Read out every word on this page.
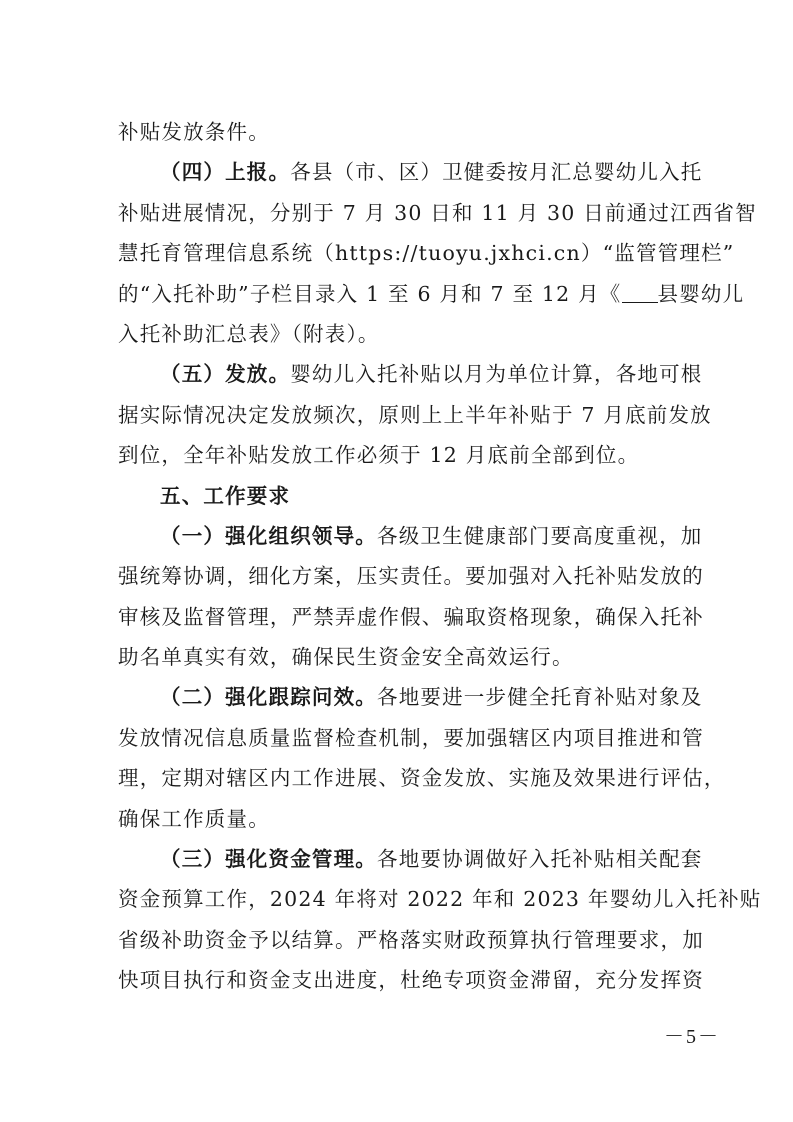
补贴发放条件。
（四）上报。各县（市、区）卫健委按月汇总婴幼儿入托
补贴进展情况，分别于 7 月 30 日和 11 月 30 日前通过江西省智
慧托育管理信息系统（https://tuoyu.jxhci.cn）“监管管理栏”
的“入托补助”子栏目录入 1 至 6 月和 7 至 12 月《 县婴幼儿
入托补助汇总表》（附表）。
（五）发放。婴幼儿入托补贴以月为单位计算，各地可根
据实际情况决定发放频次，原则上上半年补贴于 7 月底前发放
到位，全年补贴发放工作必须于 12 月底前全部到位。
五、工作要求
（一）强化组织领导。各级卫生健康部门要高度重视，加
强统筹协调，细化方案，压实责任。要加强对入托补贴发放的
审核及监督管理，严禁弄虚作假、骗取资格现象，确保入托补
助名单真实有效，确保民生资金安全高效运行。
（二）强化跟踪问效。各地要进一步健全托育补贴对象及
发放情况信息质量监督检查机制，要加强辖区内项目推进和管
理，定期对辖区内工作进展、资金发放、实施及效果进行评估，
确保工作质量。
（三）强化资金管理。各地要协调做好入托补贴相关配套
资金预算工作，2024 年将对 2022 年和 2023 年婴幼儿入托补贴
省级补助资金予以结算。严格落实财政预算执行管理要求，加
快项目执行和资金支出进度，杜绝专项资金滞留，充分发挥资
－5－
